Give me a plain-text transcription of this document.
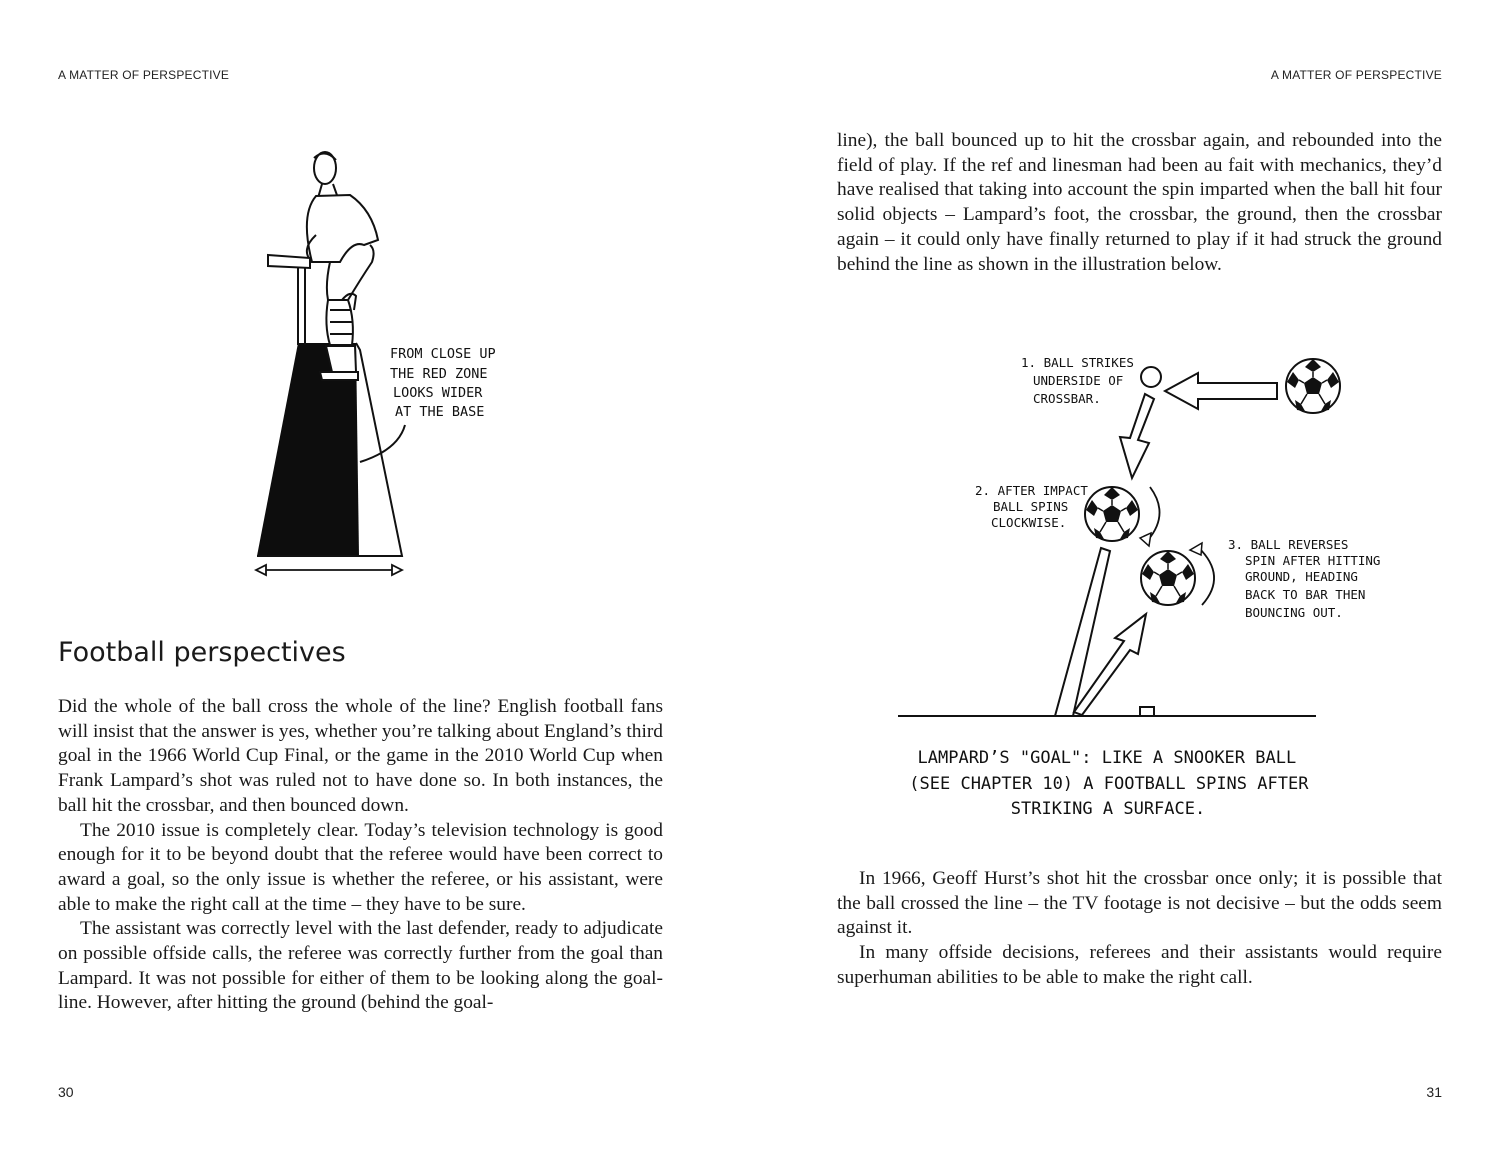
A MATTER OF PERSPECTIVE
FROM CLOSE UP THE RED ZONE LOOKS WIDER AT THE BASE
Football perspectives

Did the whole of the ball cross the whole of the line? English football fans will insist that the answer is yes, whether you’re talking about England’s third goal in the 1966 World Cup Final, or the game in the 2010 World Cup when Frank Lampard’s shot was ruled not to have done so. In both instances, the ball hit the crossbar, and then bounced down.

The 2010 issue is completely clear. Today’s television technology is good enough for it to be beyond doubt that the referee would have been correct to award a goal, so the only issue is whether the referee, or his assistant, were able to make the right call at the time – they have to be sure.

The assistant was correctly level with the last defender, ready to adjudicate on possible offside calls, the referee was correctly further from the goal than Lampard. It was not possible for either of them to be looking along the goal-line. However, after hitting the ground (behind the goal-

30
A MATTER OF PERSPECTIVE

line), the ball bounced up to hit the crossbar again, and rebounded into the field of play. If the ref and linesman had been au fait with mechanics, they’d have realised that taking into account the spin imparted when the ball hit four solid objects – Lampard’s foot, the crossbar, the ground, then the crossbar again – it could only have finally returned to play if it had struck the ground behind the line as shown in the illustration below.

1. BALL STRIKES UNDERSIDE OF CROSSBAR.
2. AFTER IMPACT BALL SPINS CLOCKWISE.
3. BALL REVERSES SPIN AFTER HITTING GROUND, HEADING BACK TO BAR THEN BOUNCING OUT.
LAMPARD’S "GOAL": LIKE A SNOOKER BALL (SEE CHAPTER 10) A FOOTBALL SPINS AFTER STRIKING A SURFACE.

In 1966, Geoff Hurst’s shot hit the crossbar once only; it is possible that the ball crossed the line – the TV footage is not decisive – but the odds seem against it.

In many offside decisions, referees and their assistants would require superhuman abilities to be able to make the right call.

31
